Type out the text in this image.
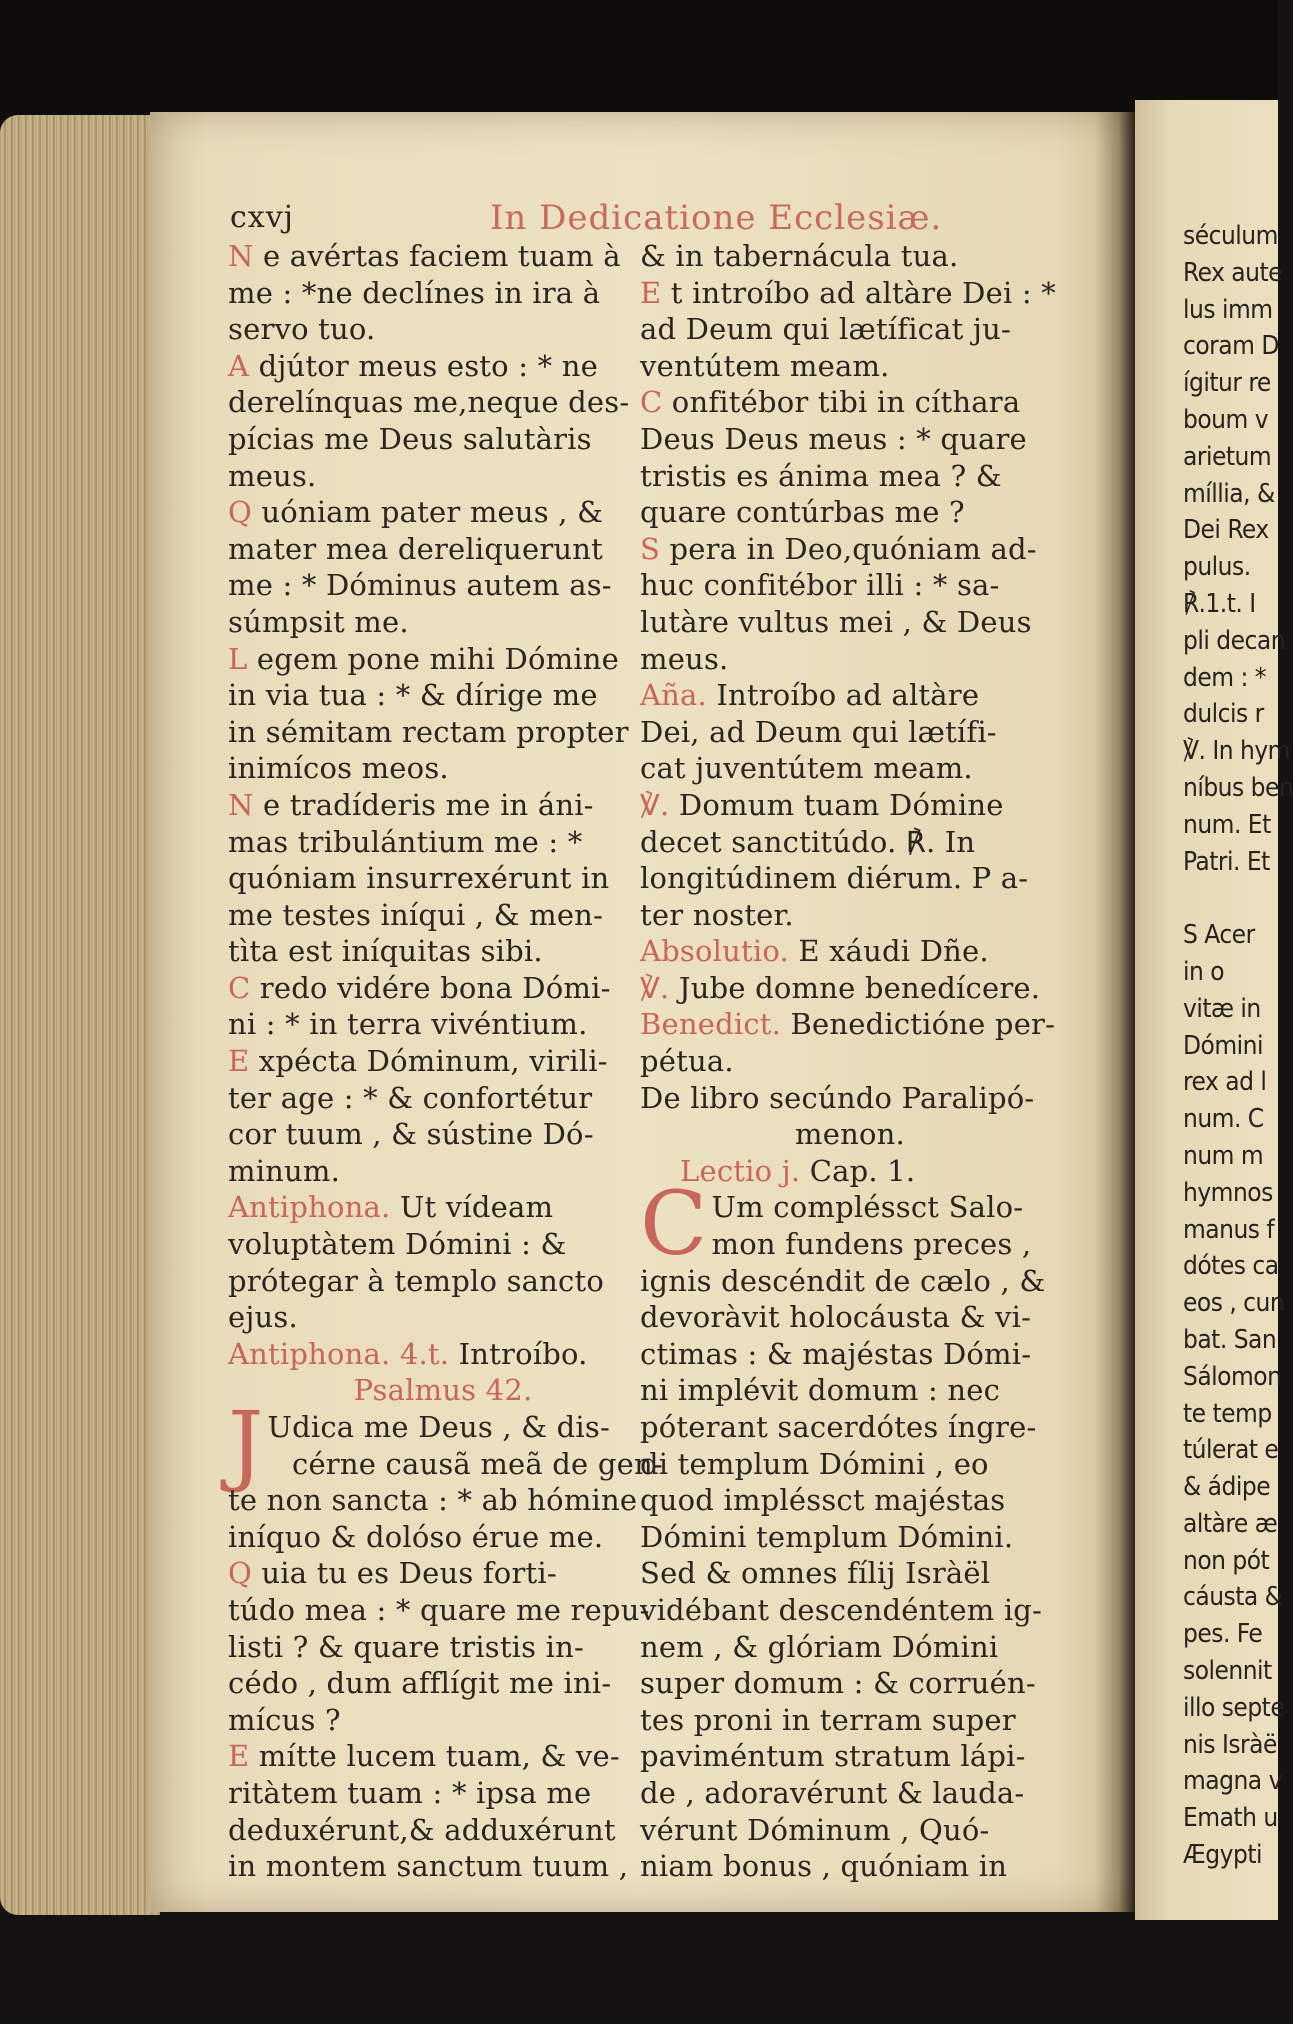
séculum
Rex aute
lus imm
coram D
ígitur re
boum v
arietum
míllia, &
Dei Rex
pulus.
℟.1.t. I
pli decan
dem : *
dulcis r
℣. In hym
níbus ben
num. Et
Patri. Et
S Acer
in o
vitæ in
Dómini
rex ad l
num. C
num m
hymnos
manus f
dótes ca
eos , cun
bat. San
Sálomon
te temp
túlerat e
& ádipe
altàre æ
non pót
cáusta &
pes. Fe
solennit
illo septe
nis Isràë
magna v
Emath u
Ægypti
cxvj	In Dedicatione Ecclesiæ.
N e avértas faciem tuam à
me : *ne declínes in ira à
servo tuo.
A djútor meus esto : * ne
derelínquas me,neque des-
pícias me Deus salutàris
meus.
Q uóniam pater meus , &
mater mea dereliquerunt
me : * Dóminus autem as-
súmpsit me.
L egem pone mihi Dómine
in via tua : * & dírige me
in sémitam rectam propter
inimícos meos.
N e tradíderis me in áni-
mas tribulántium me : *
quóniam insurrexérunt in
me testes iníqui , & men-
tìta est iníquitas sibi.
C redo vidére bona Dómi-
ni : * in terra vivéntium.
E xpécta Dóminum, virili-
ter age : * & confortétur
cor tuum , & sústine Dó-
minum.
Antiphona. Ut vídeam
voluptàtem Dómini : &
prótegar à templo sancto
ejus.
Antiphona. 4.t. Introíbo.
Psalmus 42.
J Udica me Deus , & dis-
cérne causã meã de gen-
te non sancta : * ab hómine
iníquo & dolóso érue me.
Q uia tu es Deus forti-
túdo mea : * quare me repu-
listi ? & quare tristis in-
cédo , dum afflígit me ini-
mícus ?
E mítte lucem tuam, & ve-
ritàtem tuam : * ipsa me
deduxérunt,& adduxérunt
in montem sanctum tuum ,
& in tabernácula tua.
E t introíbo ad altàre Dei : *
ad Deum qui lætíficat ju-
ventútem meam.
C onfitébor tibi in cíthara
Deus Deus meus : * quare
tristis es ánima mea ? &
quare contúrbas me ?
S pera in Deo,quóniam ad-
huc confitébor illi : * sa-
lutàre vultus mei , & Deus
meus.
Aña. Introíbo ad altàre
Dei, ad Deum qui lætífi-
cat juventútem meam.
℣. Domum tuam Dómine
decet sanctitúdo. ℟. In
longitúdinem diérum. P a-
ter noster.
Absolutio. E xáudi Dñe.
℣. Jube domne benedícere.
Benedict. Benedictióne per-
pétua.
De libro secúndo Paralipó-
menon.
Lectio j. Cap. 1.
C Um compléssct Salo-
mon fundens preces ,
ignis descéndit de cælo , &
devoràvit holocáusta & vi-
ctimas : & majéstas Dómi-
ni implévit domum : nec
póterant sacerdótes íngre-
di templum Dómini , eo
quod impléssct majéstas
Dómini templum Dómini.
Sed & omnes fílij Isràël
vidébant descendéntem ig-
nem , & glóriam Dómini
super domum : & corruén-
tes proni in terram super
paviméntum stratum lápi-
de , adoravérunt & lauda-
vérunt Dóminum , Quó-
niam bonus , quóniam in
